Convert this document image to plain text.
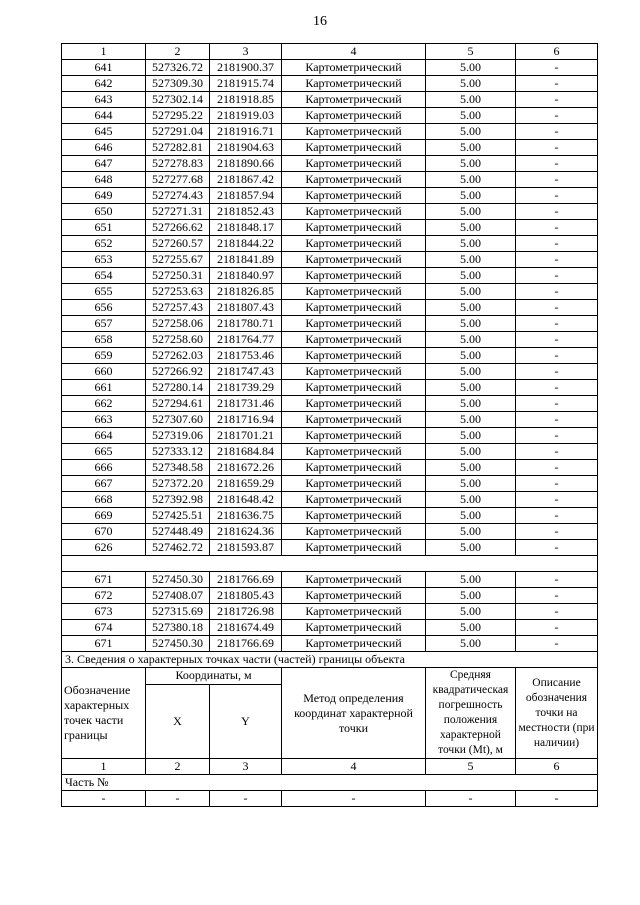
16
1	2	3	4	5	6
641	527326.72	2181900.37	Картометрический	5.00	-
642	527309.30	2181915.74	Картометрический	5.00	-
643	527302.14	2181918.85	Картометрический	5.00	-
644	527295.22	2181919.03	Картометрический	5.00	-
645	527291.04	2181916.71	Картометрический	5.00	-
646	527282.81	2181904.63	Картометрический	5.00	-
647	527278.83	2181890.66	Картометрический	5.00	-
648	527277.68	2181867.42	Картометрический	5.00	-
649	527274.43	2181857.94	Картометрический	5.00	-
650	527271.31	2181852.43	Картометрический	5.00	-
651	527266.62	2181848.17	Картометрический	5.00	-
652	527260.57	2181844.22	Картометрический	5.00	-
653	527255.67	2181841.89	Картометрический	5.00	-
654	527250.31	2181840.97	Картометрический	5.00	-
655	527253.63	2181826.85	Картометрический	5.00	-
656	527257.43	2181807.43	Картометрический	5.00	-
657	527258.06	2181780.71	Картометрический	5.00	-
658	527258.60	2181764.77	Картометрический	5.00	-
659	527262.03	2181753.46	Картометрический	5.00	-
660	527266.92	2181747.43	Картометрический	5.00	-
661	527280.14	2181739.29	Картометрический	5.00	-
662	527294.61	2181731.46	Картометрический	5.00	-
663	527307.60	2181716.94	Картометрический	5.00	-
664	527319.06	2181701.21	Картометрический	5.00	-
665	527333.12	2181684.84	Картометрический	5.00	-
666	527348.58	2181672.26	Картометрический	5.00	-
667	527372.20	2181659.29	Картометрический	5.00	-
668	527392.98	2181648.42	Картометрический	5.00	-
669	527425.51	2181636.75	Картометрический	5.00	-
670	527448.49	2181624.36	Картометрический	5.00	-
626	527462.72	2181593.87	Картометрический	5.00	-

671	527450.30	2181766.69	Картометрический	5.00	-
672	527408.07	2181805.43	Картометрический	5.00	-
673	527315.69	2181726.98	Картометрический	5.00	-
674	527380.18	2181674.49	Картометрический	5.00	-
671	527450.30	2181766.69	Картометрический	5.00	-
3. Сведения о характерных точках части (частей) границы объекта					
Обозначение характерных точек части границы	Координаты, м		Метод определения координат характерной точки	Средняя квадратическая погрешность положения характерной точки (Mt), м	Описание обозначения точки на местности (при наличии)
	X	Y			
1	2	3	4	5	6
Часть №					
-	-	-	-	-	-
